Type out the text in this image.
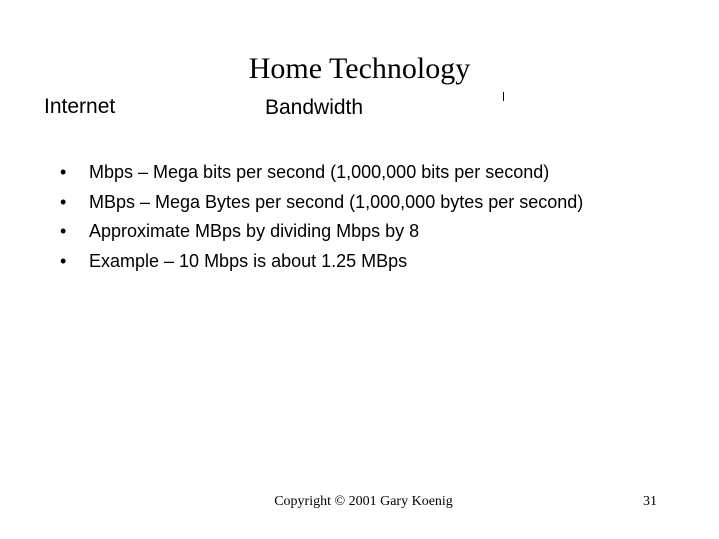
Home Technology
Internet	Bandwidth
• Mbps – Mega bits per second (1,000,000 bits per second)
• MBps – Mega Bytes per second (1,000,000 bytes per second)
• Approximate MBps by dividing Mbps by 8
• Example – 10 Mbps is about 1.25 MBps
Copyright © 2001 Gary Koenig	31
